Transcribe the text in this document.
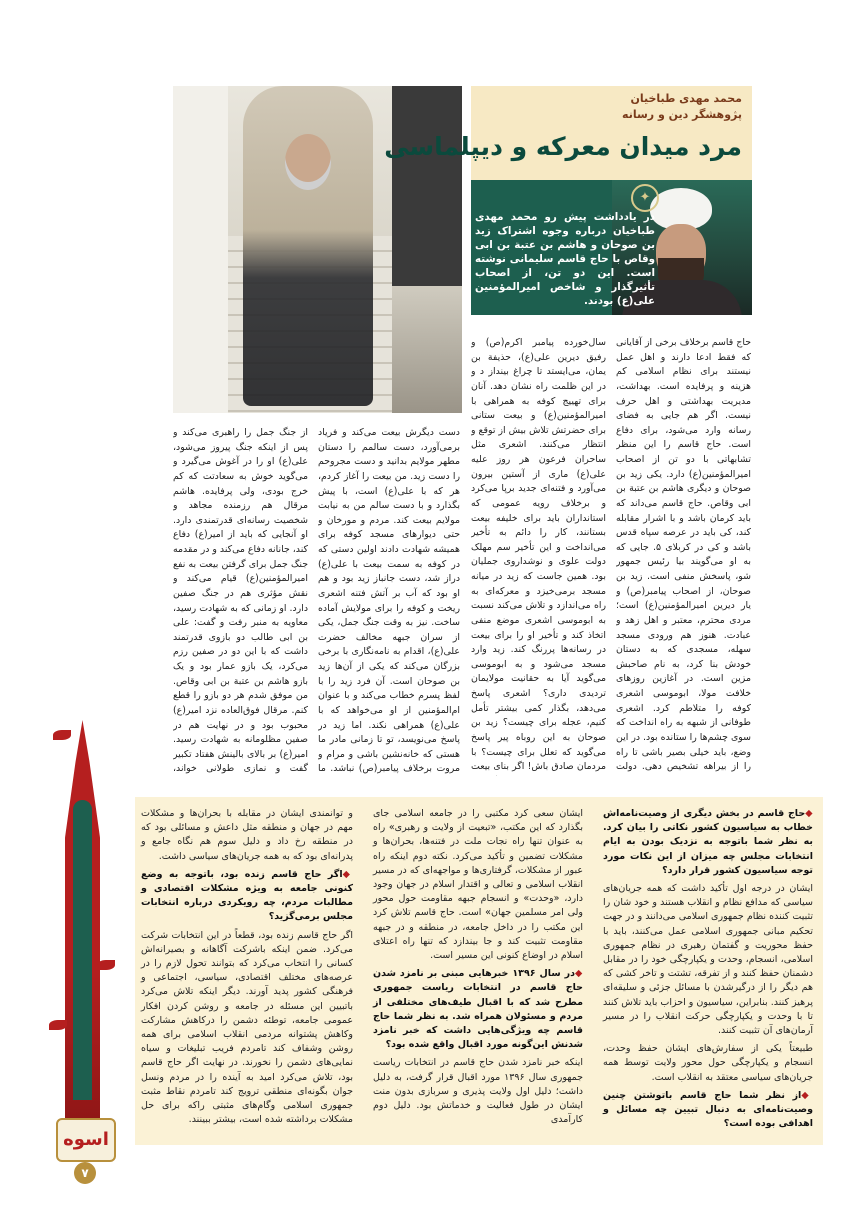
محمد مهدی طباخیان
پژوهشگر دین و رسانه
مرد میدان معرکه و دیپلماسی
✦
در یادداشت پیش رو محمد مهدی طباخیان درباره وجوه اشتراک زید بن صوحان و هاشم بن عتبة بن ابی وقاص با حاج قاسم سلیمانی نوشته است. این دو تن، از اصحاب تأثیرگذار و شاخص امیرالمؤمنین علی(ع) بودند.
حاج قاسم برخلاف برخی از آقایانی که فقط ادعا دارند و اهل عمل نیستند برای نظام اسلامی کم هزینه و پرفایده است. بهداشت، مدیریت بهداشتی و اهل حرف نیست. اگر هم جایی به فضای رسانه وارد می‌شود، برای دفاع است. حاج قاسم را این منظر تشابهاتی با دو تن از اصحاب امیرالمؤمنین(ع) دارد. یکی زید بن صوحان و دیگری هاشم بن عتبة بن ابی وقاص. حاج قاسم می‌داند که باید کرمان باشد و با اشرار مقابله کند، کی باید در عرصه سپاه قدس باشد و کی در کربلای ۵. جایی که به او می‌گویند بیا رئیس جمهور شو، پاسخش منفی است. زید بن صوحان، از اصحاب پیامبر(ص) و یار دیرین امیرالمؤمنین(ع) است؛ مردی محترم، معتبر و اهل زهد و عبادت. هنوز هم ورودی مسجد سهله، مسجدی که به دستان خودش بنا کرد، به نام صاحبش مزین است. در آغازین روزهای خلافت مولا، ابوموسی اشعری کوفه را متلاطم کرد. اشعری طوفانی از شبهه به راه انداخت که سوی چشم‌ها را ستانده بود. در این وضع، باید خیلی بصیر باشی تا راه را از بیراهه تشخیص دهی. دولت
سال‌خورده پیامبر اکرم(ص) و رفیق دیرین علی(ع)، حذیفة بن یمان، می‌ایستد تا چراغ بینداز د و در این ظلمت راه نشان دهد. آنان برای تهییج کوفه به همراهی با امیرالمؤمنین(ع) و بیعت ستانی برای حضرتش تلاش بیش از توقع و انتظار می‌کنند. اشعری مثل ساحران فرعون هر روز علیه علی(ع) ماری از آستین بیرون می‌آورد و فتنه‌ای جدید برپا می‌کرد و برخلاف رویه عمومی که استانداران باید برای خلیفه بیعت بستانند، کار را دائم به تأخیر می‌انداخت و این تأخیر سم مهلک دولت علوی و نوشداروی جملیان بود. همین جاست که زید در میانه مسجد برمی‌خیزد و معرکه‌ای به راه می‌اندازد و تلاش می‌کند نسبت به ابوموسی اشعری موضع منفی اتخاذ کند و تأخیر او را برای بیعت در رسانه‌ها پررنگ کند. زید وارد مسجد می‌شود و به ابوموسی می‌گوید آیا به حقانیت مولایمان تردیدی داری؟ اشعری پاسخ می‌دهد، بگذار کمی بیشتر تأمل کنیم، عجله برای چیست؟ زید بن صوحان به این روباه پیر پاسخ می‌گوید که تعلل برای چیست؟ با مردمان صادق باش! اگر بنای بیعت
دست دیگرش بیعت می‌کند و فریاد برمی‌آورد، دست سالمم را دستان مطهر مولایم بدانید و دست مجروحم را دست زید. من بیعت را آغاز کردم، هر که با علی(ع) است، با پیش بگذارد و با دست سالم من به نیابت مولایم بیعت کند. مردم و مورخان و حتی دیوارهای مسجد کوفه برای همیشه شهادت دادند اولین دستی که در کوفه به سمت بیعت با علی(ع) دراز شد، دست جانباز زید بود و هم او بود که آب بر آتش فتنه اشعری ریخت و کوفه را برای مولایش آماده ساخت. نیز به وقت جنگ جمل، یکی از سران جبهه مخالف حضرت علی(ع)، اقدام به نامه‌نگاری با برخی بزرگان می‌کند که یکی از آن‌ها زید بن صوحان است. آن فرد زید را با لفظ پسرم خطاب می‌کند و با عنوان ام‌المؤمنین از او می‌خواهد که با علی(ع) همراهی نکند. اما زید در پاسخ می‌نویسد، تو تا زمانی مادر ما هستی که خانه‌نشین باشی و مرام و مروت برخلاف پیامبر(ص) نباشد. ما
از جنگ جمل را راهبری می‌کند و پس از اینکه جنگ پیروز می‌شود، علی(ع) او را در آغوش می‌گیرد و می‌گوید خوش به سعادتت که کم خرج بودی، ولی پرفایده. هاشم مرقال هم رزمنده مجاهد و شخصیت رسانه‌ای قدرتمندی دارد. او آنجایی که باید از امیر(ع) دفاع کند، جانانه دفاع می‌کند و در مقدمه جنگ جمل برای گرفتن بیعت به نفع امیرالمؤمنین(ع) قیام می‌کند و نقش مؤثری هم در جنگ صفین دارد. او زمانی که به شهادت رسید، معاویه به منبر رفت و گفت: علی بن ابی طالب دو بازوی قدرتمند داشت که با این دو در صفین رزم می‌کرد، یک بازو عمار بود و یک بازو هاشم بن عتبة بن ابی وقاص. من موفق شدم هر دو بازو را قطع کنم. مرقال فوق‌العاده نزد امیر(ع) محبوب بود و در نهایت هم در صفین مظلومانه به شهادت رسید. امیر(ع) بر بالای بالینش هفتاد تکبیر گفت و نمازی طولانی خواند،
اسوه
۷

◆ حاج قاسم در بخش دیگری از وصیت‌نامه‌اش خطاب به سیاسیون کشور نکاتی را بیان کرد. به نظر شما باتوجه به نزدیک بودن به ایام انتخابات مجلس چه میزان از این نکات مورد توجه سیاسیون کشور قرار دارد؟

ایشان در درجه اول تأکید داشت که همه جریان‌های سیاسی که مدافع نظام و انقلاب هستند و خود شان را تثبیت کننده نظام جمهوری اسلامی می‌دانند و در جهت تحکیم مبانی جمهوری اسلامی عمل می‌کنند، باید با حفظ محوریت و گفتمان رهبری در نظام جمهوری اسلامی، انسجام، وحدت و یکپارچگی خود را در مقابل دشمنان حفظ کنند و از تفرقه، تشتت و تاخر کشی که هم دیگر را از درگیرشدن با مسائل جزئی و سلیقه‌ای پرهیز کنند. بنابراین، سیاسیون و احزاب باید تلاش کنند تا با وحدت و یکپارچگی حرکت انقلاب را در مسیر آرمان‌های آن تثبیت کنند.

طبیعتاً یکی از سفارش‌های ایشان حفظ وحدت، انسجام و یکپارچگی حول محور ولایت توسط همه جریان‌های سیاسی معتقد به انقلاب است.

◆ از نظر شما حاج قاسم باتوشتن چنین وصیت‌نامه‌ای به دنبال تبیین چه مسائل و اهدافی بوده است؟

ایشان سعی کرد مکتبی را در جامعه اسلامی جای بگذارد که این مکتب، «تبعیت از ولایت و رهبری» راه به عنوان تنها راه نجات ملت در فتنه‌ها، بحران‌ها و مشکلات تضمین و تأکید می‌کرد. نکته دوم اینکه راه عبور از مشکلات، گرفتاری‌ها و مواجهه‌ای که در مسیر انقلاب اسلامی و تعالی و اقتدار اسلام در جهان وجود دارد، «وحدت» و انسجام جبهه مقاومت حول محور ولی امر مسلمین جهان» است. حاج قاسم تلاش کرد این مکتب را در داخل جامعه، در منطقه و در جبهه مقاومت تثبیت کند و جا بیندازد که تنها راه اعتلای اسلام در اوضاع کنونی این مسیر است.

◆ در سال ۱۳۹۶ خبرهایی مبنی بر نامزد شدن حاج قاسم در انتخابات ریاست جمهوری مطرح شد که با اقبال طیف‌های مختلفی از مردم و مسئولان همراه شد. به نظر شما حاج قاسم چه ویژگی‌هایی داشت که خبر نامزد شدنش این‌گونه مورد اقبال واقع شده بود؟

اینکه خبر نامزد شدن حاج قاسم در انتخابات ریاست جمهوری سال ۱۳۹۶ مورد اقبال قرار گرفت، به دلیل داشت؛ دلیل اول ولایت پذیری و سربازی بدون منت ایشان در طول فعالیت و خدماتش بود. دلیل دوم کارآمدی

و توانمندی ایشان در مقابله با بحران‌ها و مشکلات مهم در جهان و منطقه مثل داعش و مسائلی بود که در منطقه رخ داد و دلیل سوم هم نگاه جامع و پدرانه‌ای بود که به همه جریان‌های سیاسی داشت.

◆ اگر حاج قاسم زنده بود، باتوجه به وضع کنونی جامعه به ویژه مشکلات اقتصادی و مطالبات مردم، چه رویکردی درباره انتخابات مجلس برمی‌گزید؟

اگر حاج قاسم زنده بود، قطعاً در این انتخابات شرکت می‌کرد. ضمن اینکه باشرکت آگاهانه و بصیرانه‌اش کسانی را انتخاب می‌کرد که بتوانند تحول لازم را در عرصه‌های مختلف اقتصادی، سیاسی، اجتماعی و فرهنگی کشور پدید آورند. دیگر اینکه تلاش می‌کرد باتبیین این مسئله در جامعه و روشن کردن افکار عمومی جامعه، توطئه دشمن را درکاهش مشارکت وکاهش پشتوانه مردمی انقلاب اسلامی برای همه روشن وشفاف کند تامردم فریب تبلیغات و سیاه نمایی‌های دشمن را نخورند. در نهایت اگر حاج قاسم بود، تلاش می‌کرد امید به آینده را در مردم ونسل جوان بگونه‌ای منطقی ترویج کند تامردم نقاط مثبت جمهوری اسلامی وگام‌های مثبتی راکه برای حل مشکلات برداشته شده است، بیشتر ببینند.
